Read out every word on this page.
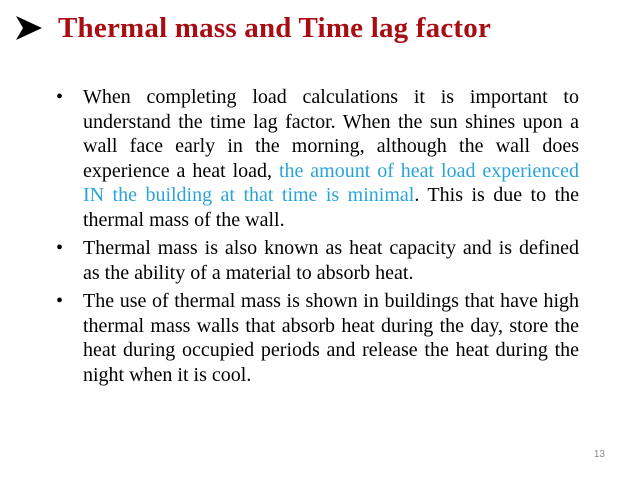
Thermal mass and Time lag factor
• When completing load calculations it is important to understand the time lag factor. When the sun shines upon a wall face early in the morning, although the wall does experience a heat load, the amount of heat load experienced IN the building at that time is minimal. This is due to the thermal mass of the wall.
• Thermal mass is also known as heat capacity and is defined as the ability of a material to absorb heat.
• The use of thermal mass is shown in buildings that have high thermal mass walls that absorb heat during the day, store the heat during occupied periods and release the heat during the night when it is cool.
13
